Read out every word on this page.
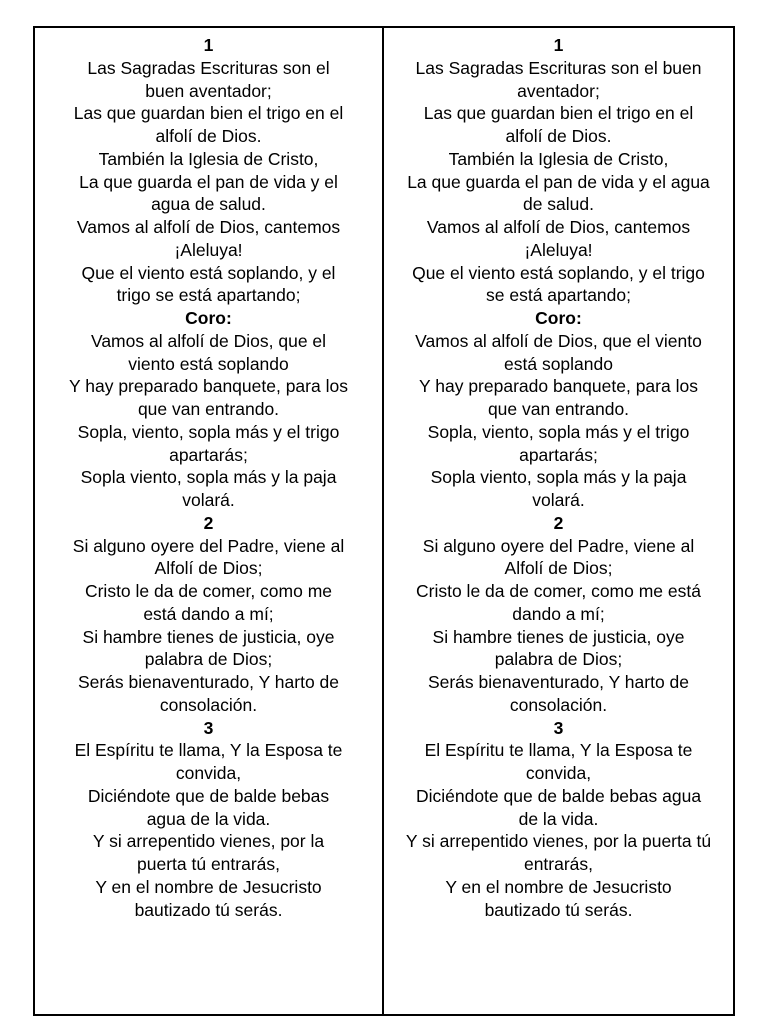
1

Las Sagradas Escrituras son el

buen aventador;

Las que guardan bien el trigo en el

alfolí de Dios.

También la Iglesia de Cristo,

La que guarda el pan de vida y el

agua de salud.

Vamos al alfolí de Dios, cantemos

¡Aleluya!

Que el viento está soplando, y el

trigo se está apartando;

Coro:

Vamos al alfolí de Dios, que el

viento está soplando

Y hay preparado banquete, para los

que van entrando.

Sopla, viento, sopla más y el trigo

apartarás;

Sopla viento, sopla más y la paja

volará.

2

Si alguno oyere del Padre, viene al

Alfolí de Dios;

Cristo le da de comer, como me

está dando a mí;

Si hambre tienes de justicia, oye

palabra de Dios;

Serás bienaventurado, Y harto de

consolación.

3

El Espíritu te llama, Y la Esposa te

convida,

Diciéndote que de balde bebas

agua de la vida.

Y si arrepentido vienes, por la

puerta tú entrarás,

Y en el nombre de Jesucristo

bautizado tú serás.

1

Las Sagradas Escrituras son el buen

aventador;

Las que guardan bien el trigo en el

alfolí de Dios.

También la Iglesia de Cristo,

La que guarda el pan de vida y el agua

de salud.

Vamos al alfolí de Dios, cantemos

¡Aleluya!

Que el viento está soplando, y el trigo

se está apartando;

Coro:

Vamos al alfolí de Dios, que el viento

está soplando

Y hay preparado banquete, para los

que van entrando.

Sopla, viento, sopla más y el trigo

apartarás;

Sopla viento, sopla más y la paja

volará.

2

Si alguno oyere del Padre, viene al

Alfolí de Dios;

Cristo le da de comer, como me está

dando a mí;

Si hambre tienes de justicia, oye

palabra de Dios;

Serás bienaventurado, Y harto de

consolación.

3

El Espíritu te llama, Y la Esposa te

convida,

Diciéndote que de balde bebas agua

de la vida.

Y si arrepentido vienes, por la puerta tú

entrarás,

Y en el nombre de Jesucristo

bautizado tú serás.
